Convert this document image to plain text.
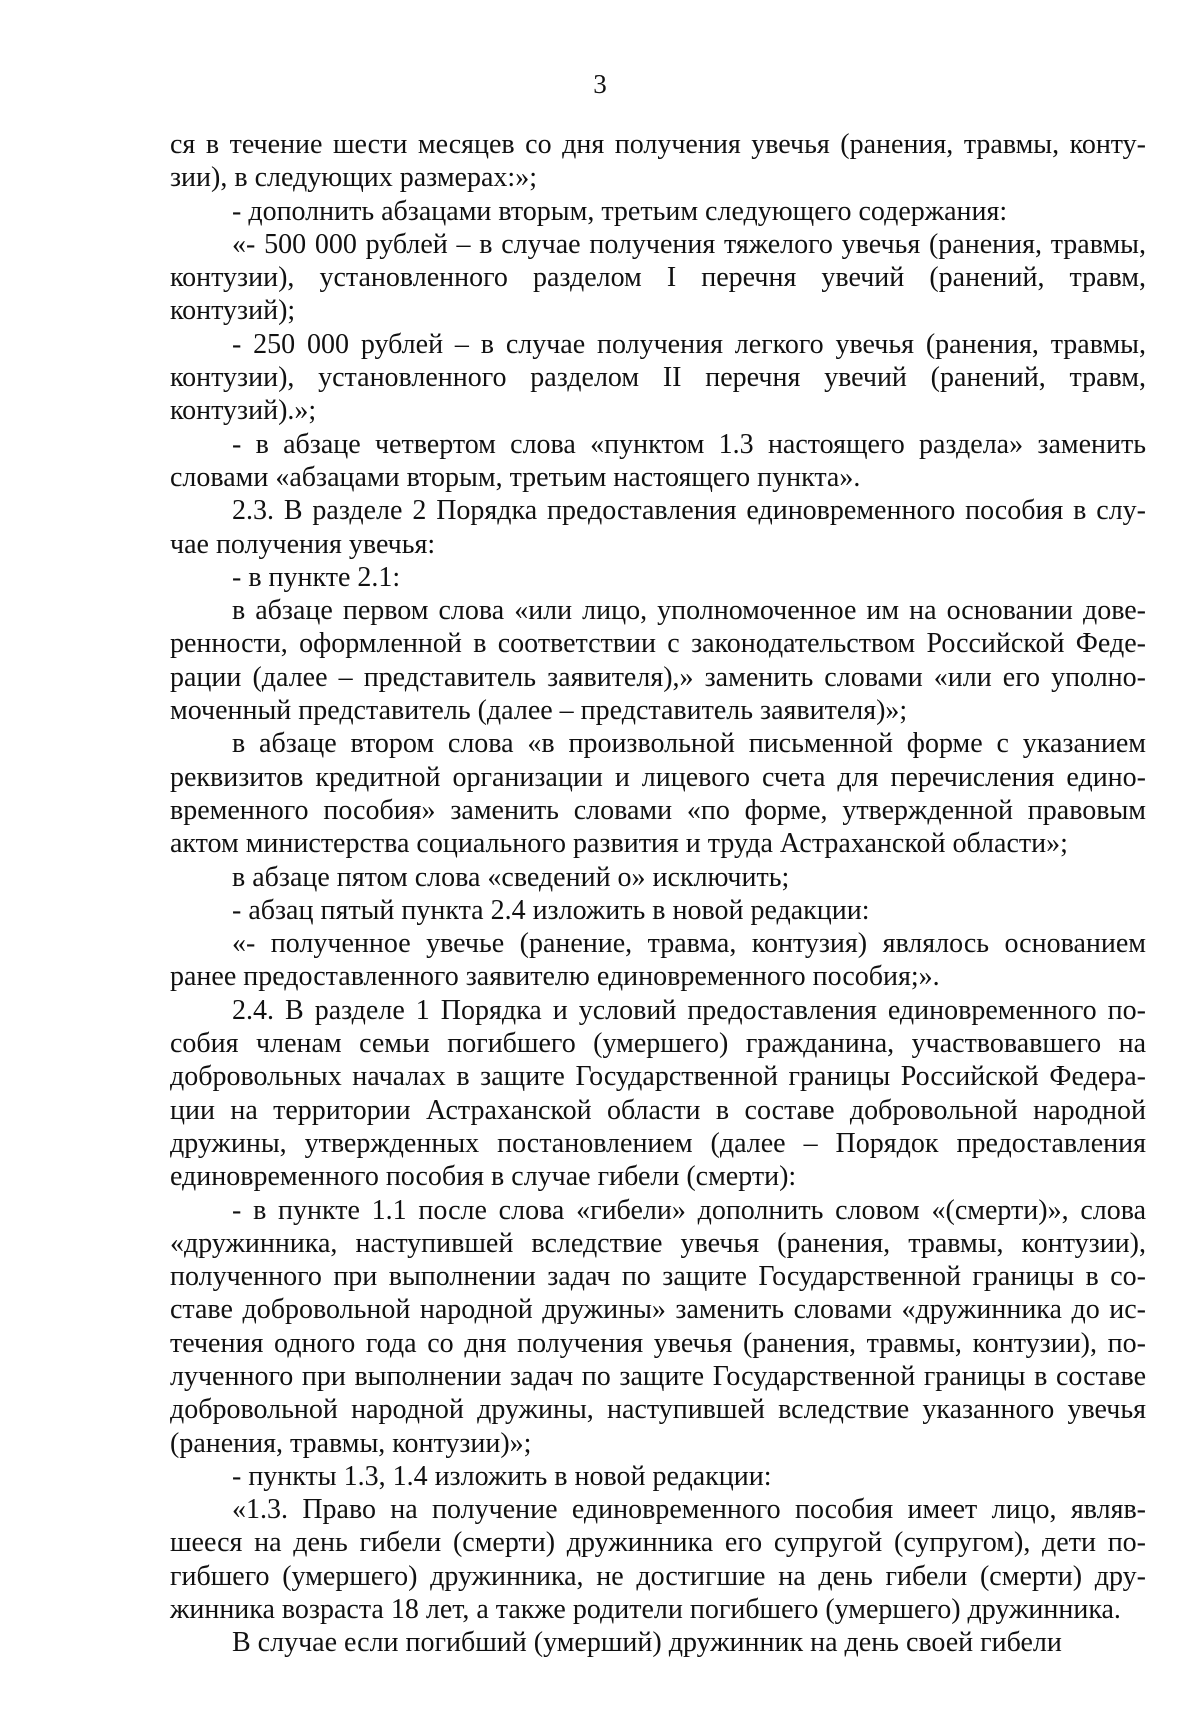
3

ся в течение шести месяцев со дня получения увечья (ранения, травмы, контузии), в следующих размерах:»;

- дополнить абзацами вторым, третьим следующего содержания:

«- 500 000 рублей – в случае получения тяжелого увечья (ранения, травмы, контузии), установленного разделом I перечня увечий (ранений, травм, контузий);

- 250 000 рублей – в случае получения легкого увечья (ранения, травмы, контузии), установленного разделом II перечня увечий (ранений, травм, контузий).»;

- в абзаце четвертом слова «пунктом 1.3 настоящего раздела» заменить словами «абзацами вторым, третьим настоящего пункта».

2.3. В разделе 2 Порядка предоставления единовременного пособия в случае получения увечья:

- в пункте 2.1:

в абзаце первом слова «или лицо, уполномоченное им на основании доверенности, оформленной в соответствии с законодательством Российской Федерации (далее – представитель заявителя),» заменить словами «или его уполномоченный представитель (далее – представитель заявителя)»;

в абзаце втором слова «в произвольной письменной форме с указанием реквизитов кредитной организации и лицевого счета для перечисления единовременного пособия» заменить словами «по форме, утвержденной правовым актом министерства социального развития и труда Астраханской области»;

в абзаце пятом слова «сведений о» исключить;

- абзац пятый пункта 2.4 изложить в новой редакции:

«- полученное увечье (ранение, травма, контузия) являлось основанием ранее предоставленного заявителю единовременного пособия;».

2.4. В разделе 1 Порядка и условий предоставления единовременного пособия членам семьи погибшего (умершего) гражданина, участвовавшего на добровольных началах в защите Государственной границы Российской Федерации на территории Астраханской области в составе добровольной народной дружины, утвержденных постановлением (далее – Порядок предоставления единовременного пособия в случае гибели (смерти):

- в пункте 1.1 после слова «гибели» дополнить словом «(смерти)», слова «дружинника, наступившей вследствие увечья (ранения, травмы, контузии), полученного при выполнении задач по защите Государственной границы в составе добровольной народной дружины» заменить словами «дружинника до истечения одного года со дня получения увечья (ранения, травмы, контузии), полученного при выполнении задач по защите Государственной границы в составе добровольной народной дружины, наступившей вследствие указанного увечья (ранения, травмы, контузии)»;

- пункты 1.3, 1.4 изложить в новой редакции:

«1.3. Право на получение единовременного пособия имеет лицо, являвшееся на день гибели (смерти) дружинника его супругой (супругом), дети погибшего (умершего) дружинника, не достигшие на день гибели (смерти) дружинника возраста 18 лет, а также родители погибшего (умершего) дружинника.

В случае если погибший (умерший) дружинник на день своей гибели
